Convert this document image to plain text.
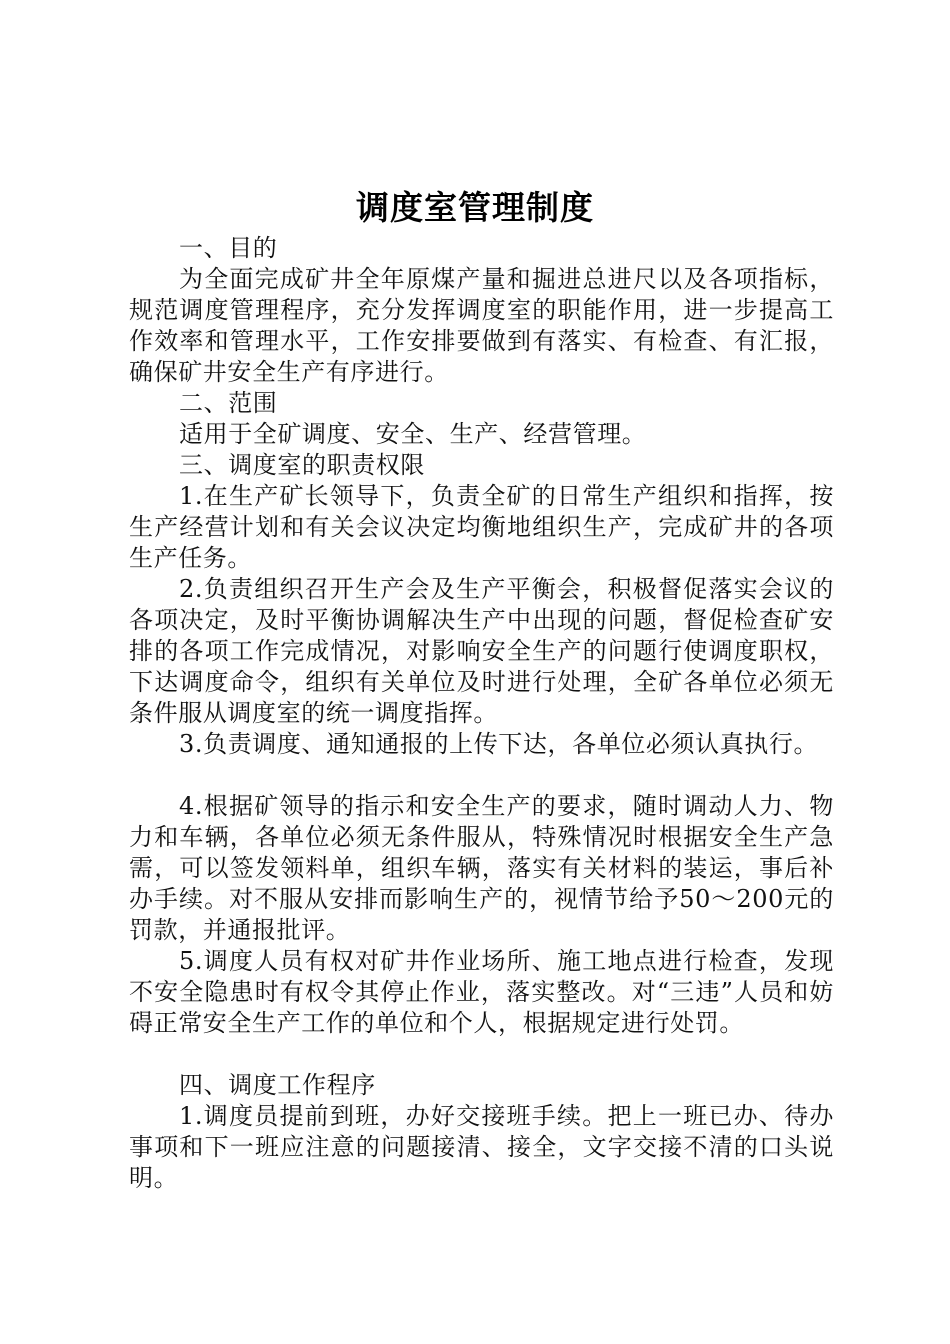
调度室管理制度

一、目的

为全面完成矿井全年原煤产量和掘进总进尺以及各项指标，规范调度管理程序，充分发挥调度室的职能作用，进一步提高工作效率和管理水平，工作安排要做到有落实、有检查、有汇报，确保矿井安全生产有序进行。

二、范围

适用于全矿调度、安全、生产、经营管理。

三、调度室的职责权限

1.在生产矿长领导下，负责全矿的日常生产组织和指挥，按生产经营计划和有关会议决定均衡地组织生产，完成矿井的各项生产任务。

2.负责组织召开生产会及生产平衡会，积极督促落实会议的各项决定，及时平衡协调解决生产中出现的问题，督促检查矿安排的各项工作完成情况，对影响安全生产的问题行使调度职权，下达调度命令，组织有关单位及时进行处理，全矿各单位必须无条件服从调度室的统一调度指挥。

3.负责调度、通知通报的上传下达，各单位必须认真执行。

4.根据矿领导的指示和安全生产的要求，随时调动人力、物力和车辆，各单位必须无条件服从，特殊情况时根据安全生产急需，可以签发领料单，组织车辆，落实有关材料的装运，事后补办手续。对不服从安排而影响生产的，视情节给予50～200元的罚款，并通报批评。

5.调度人员有权对矿井作业场所、施工地点进行检查，发现不安全隐患时有权令其停止作业，落实整改。对“三违”人员和妨碍正常安全生产工作的单位和个人，根据规定进行处罚。

四、调度工作程序

1.调度员提前到班，办好交接班手续。把上一班已办、待办事项和下一班应注意的问题接清、接全，文字交接不清的口头说明。
